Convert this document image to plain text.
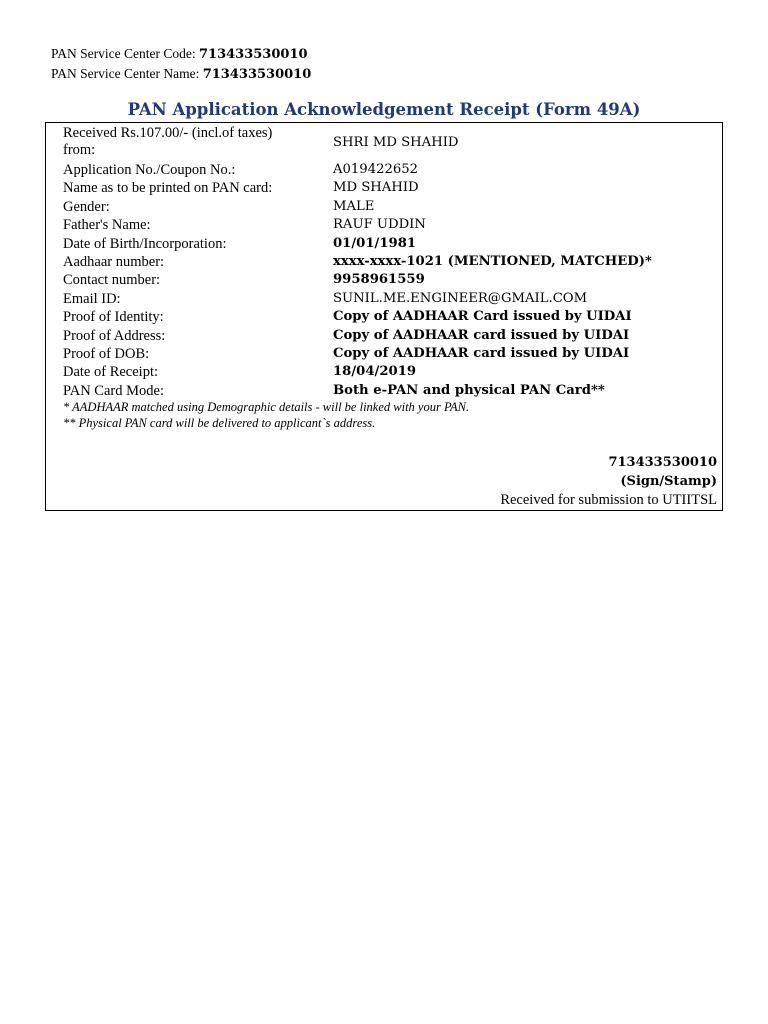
PAN Service Center Code: 713433530010
PAN Service Center Name: 713433530010
PAN Application Acknowledgement Receipt (Form 49A)
Received Rs.107.00/- (incl.of taxes) from:	SHRI MD SHAHID
Application No./Coupon No.:	A019422652
Name as to be printed on PAN card:	MD SHAHID
Gender:	MALE
Father's Name:	RAUF UDDIN
Date of Birth/Incorporation:	01/01/1981
Aadhaar number:	xxxx-xxxx-1021 (MENTIONED, MATCHED)*
Contact number:	9958961559
Email ID:	SUNIL.ME.ENGINEER@GMAIL.COM
Proof of Identity:	Copy of AADHAAR Card issued by UIDAI
Proof of Address:	Copy of AADHAAR card issued by UIDAI
Proof of DOB:	Copy of AADHAAR card issued by UIDAI
Date of Receipt:	18/04/2019
PAN Card Mode:	Both e-PAN and physical PAN Card**
* AADHAAR matched using Demographic details - will be linked with your PAN.
** Physical PAN card will be delivered to applicant`s address.
713433530010
(Sign/Stamp)
Received for submission to UTIITSL
